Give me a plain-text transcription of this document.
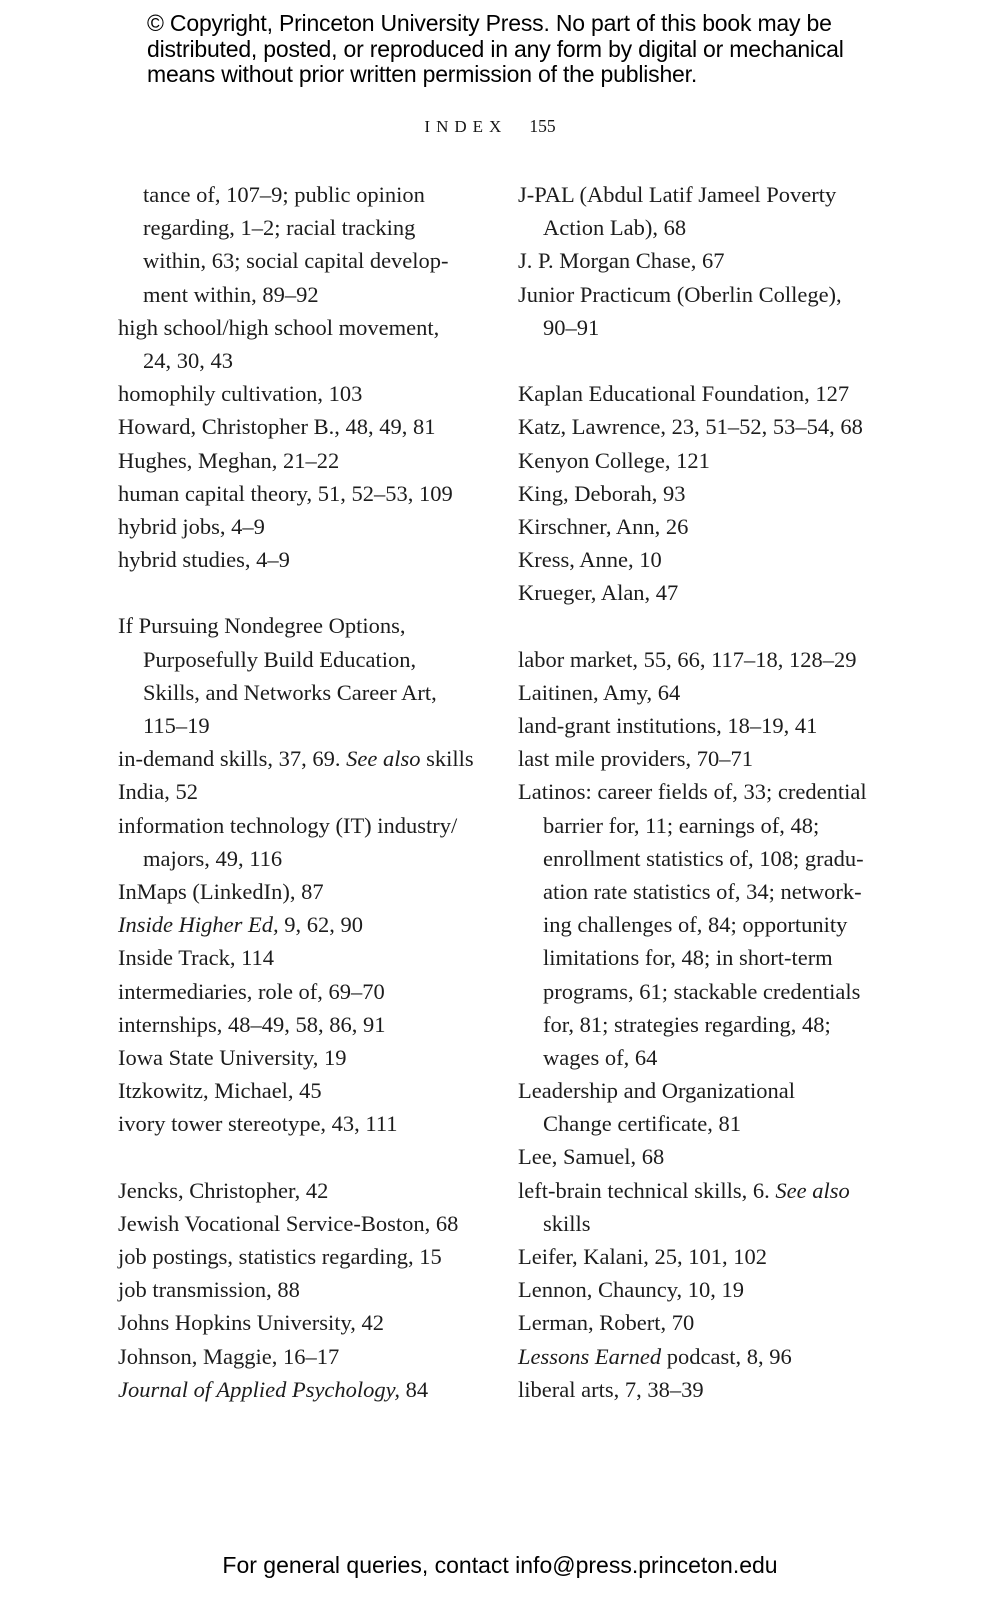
© Copyright, Princeton University Press. No part of this book may be
distributed, posted, or reproduced in any form by digital or mechanical
means without prior written permission of the publisher.
INDEX 155
tance of, 107–9; public opinion
regarding, 1–2; racial tracking
within, 63; social capital develop-
ment within, 89–92
high school/high school movement,
24, 30, 43
homophily cultivation, 103
Howard, Christopher B., 48, 49, 81
Hughes, Meghan, 21–22
human capital theory, 51, 52–53, 109
hybrid jobs, 4–9
hybrid studies, 4–9
If Pursuing Nondegree Options,
Purposefully Build Education,
Skills, and Networks Career Art,
115–19
in-demand skills, 37, 69. See also skills
India, 52
information technology (IT) industry/
majors, 49, 116
InMaps (LinkedIn), 87
Inside Higher Ed, 9, 62, 90
Inside Track, 114
intermediaries, role of, 69–70
internships, 48–49, 58, 86, 91
Iowa State University, 19
Itzkowitz, Michael, 45
ivory tower stereotype, 43, 111
Jencks, Christopher, 42
Jewish Vocational Service-Boston, 68
job postings, statistics regarding, 15
job transmission, 88
Johns Hopkins University, 42
Johnson, Maggie, 16–17
Journal of Applied Psychology, 84
J-PAL (Abdul Latif Jameel Poverty
Action Lab), 68
J. P. Morgan Chase, 67
Junior Practicum (Oberlin College),
90–91
Kaplan Educational Foundation, 127
Katz, Lawrence, 23, 51–52, 53–54, 68
Kenyon College, 121
King, Deborah, 93
Kirschner, Ann, 26
Kress, Anne, 10
Krueger, Alan, 47
labor market, 55, 66, 117–18, 128–29
Laitinen, Amy, 64
land-grant institutions, 18–19, 41
last mile providers, 70–71
Latinos: career fields of, 33; credential
barrier for, 11; earnings of, 48;
enrollment statistics of, 108; gradu-
ation rate statistics of, 34; network-
ing challenges of, 84; opportunity
limitations for, 48; in short-term
programs, 61; stackable credentials
for, 81; strategies regarding, 48;
wages of, 64
Leadership and Organizational
Change certificate, 81
Lee, Samuel, 68
left-brain technical skills, 6. See also
skills
Leifer, Kalani, 25, 101, 102
Lennon, Chauncy, 10, 19
Lerman, Robert, 70
Lessons Earned podcast, 8, 96
liberal arts, 7, 38–39
For general queries, contact info@press.princeton.edu
